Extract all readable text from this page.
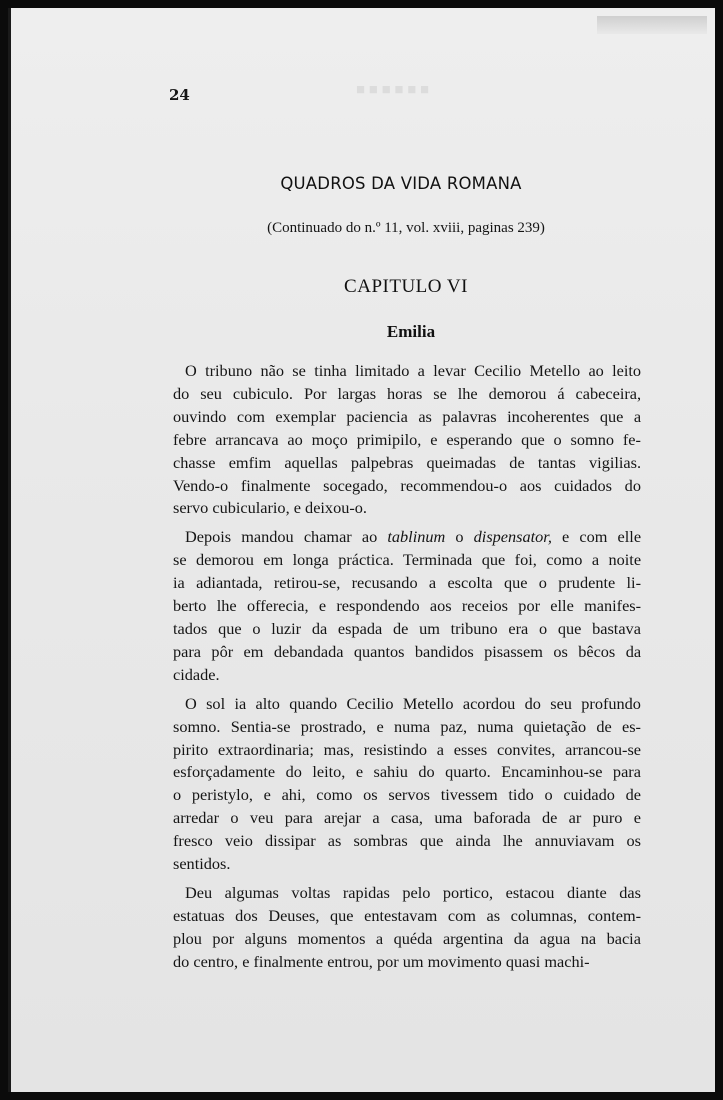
■ ■ ■ ■ ■ ■
24
QUADROS DA VIDA ROMANA
(Continuado do n.º 11, vol. xviii, paginas 239)
CAPITULO VI
Emilia

O tribuno não se tinha limitado a levar Cecilio Metello ao leito
do seu cubiculo. Por largas horas se lhe demorou á cabeceira,
ouvindo com exemplar paciencia as palavras incoherentes que a
febre arrancava ao moço primipilo, e esperando que o somno fe-
chasse emfim aquellas palpebras queimadas de tantas vigilias.
Vendo-o finalmente socegado, recommendou-o aos cuidados do
servo cubiculario, e deixou-o.

Depois mandou chamar ao tablinum o dispensator, e com elle
se demorou em longa práctica. Terminada que foi, como a noite
ia adiantada, retirou-se, recusando a escolta que o prudente li-
berto lhe offerecia, e respondendo aos receios por elle manifes-
tados que o luzir da espada de um tribuno era o que bastava
para pôr em debandada quantos bandidos pisassem os bêcos da
cidade.

O sol ia alto quando Cecilio Metello acordou do seu profundo
somno. Sentia-se prostrado, e numa paz, numa quietação de es-
pirito extraordinaria; mas, resistindo a esses convites, arrancou-se
esforçadamente do leito, e sahiu do quarto. Encaminhou-se para
o peristylo, e ahi, como os servos tivessem tido o cuidado de
arredar o veu para arejar a casa, uma baforada de ar puro e
fresco veio dissipar as sombras que ainda lhe annuviavam os
sentidos.

Deu algumas voltas rapidas pelo portico, estacou diante das
estatuas dos Deuses, que entestavam com as columnas, contem-
plou por alguns momentos a quéda argentina da agua na bacia
do centro, e finalmente entrou, por um movimento quasi machi-
